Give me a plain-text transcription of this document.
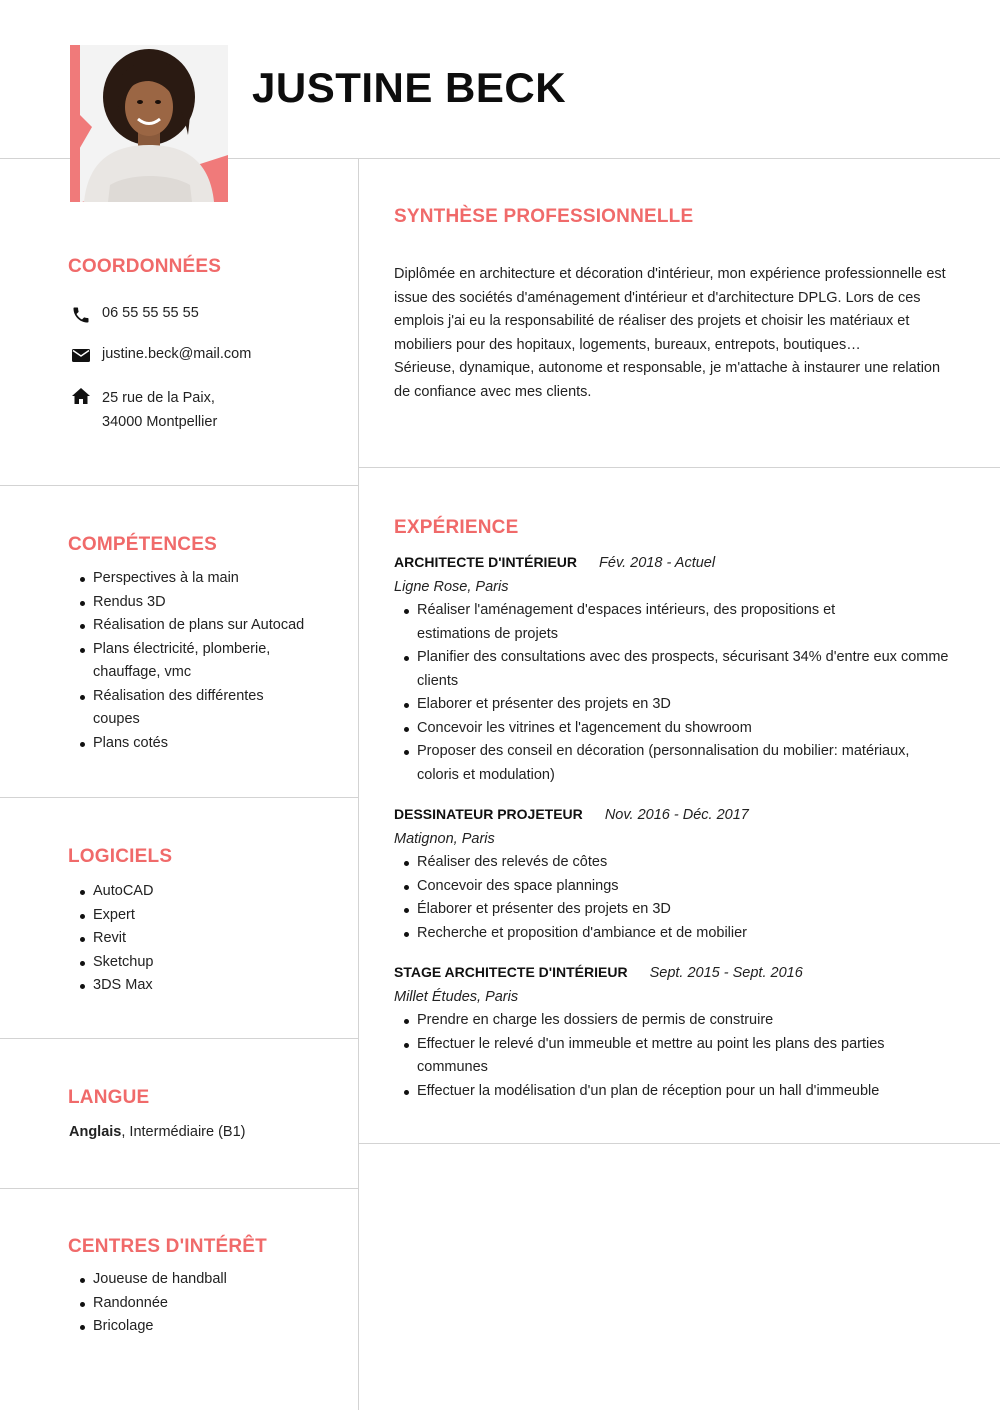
JUSTINE BECK
COORDONNÉES
06 55 55 55 55
justine.beck@mail.com
25 rue de la Paix,
34000 Montpellier
COMPÉTENCES
Perspectives à la main
Rendus 3D
Réalisation de plans sur Autocad
Plans électricité, plomberie, chauffage, vmc
Réalisation des différentes coupes
Plans cotés
LOGICIELS
AutoCAD
Expert
Revit
Sketchup
3DS Max
LANGUE
Anglais, Intermédiaire (B1)
CENTRES D'INTÉRÊT
Joueuse de handball
Randonnée
Bricolage
SYNTHÈSE PROFESSIONNELLE
Diplômée en architecture et décoration d'intérieur, mon expérience professionnelle est issue des sociétés d'aménagement d'intérieur et d'architecture DPLG. Lors de ces emplois j'ai eu la responsabilité de réaliser des projets et choisir les matériaux et mobiliers pour des hopitaux, logements, bureaux, entrepots, boutiques…
Sérieuse, dynamique, autonome et responsable, je m'attache à instaurer une relation de confiance avec mes clients.
EXPÉRIENCE
ARCHITECTE D'INTÉRIEUR Fév. 2018 - Actuel
Ligne Rose, Paris
Réaliser l'aménagement d'espaces intérieurs, des propositions et estimations de projets
Planifier des consultations avec des prospects, sécurisant 34% d'entre eux comme clients
Elaborer et présenter des projets en 3D
Concevoir les vitrines et l'agencement du showroom
Proposer des conseil en décoration (personnalisation du mobilier: matériaux, coloris et modulation)
DESSINATEUR PROJETEUR Nov. 2016 - Déc. 2017
Matignon, Paris
Réaliser des relevés de côtes
Concevoir des space plannings
Élaborer et présenter des projets en 3D
Recherche et proposition d'ambiance et de mobilier
STAGE ARCHITECTE D'INTÉRIEUR Sept. 2015 - Sept. 2016
Millet Études, Paris
Prendre en charge les dossiers de permis de construire
Effectuer le relevé d'un immeuble et mettre au point les plans des parties communes
Effectuer la modélisation d'un plan de réception pour un hall d'immeuble
